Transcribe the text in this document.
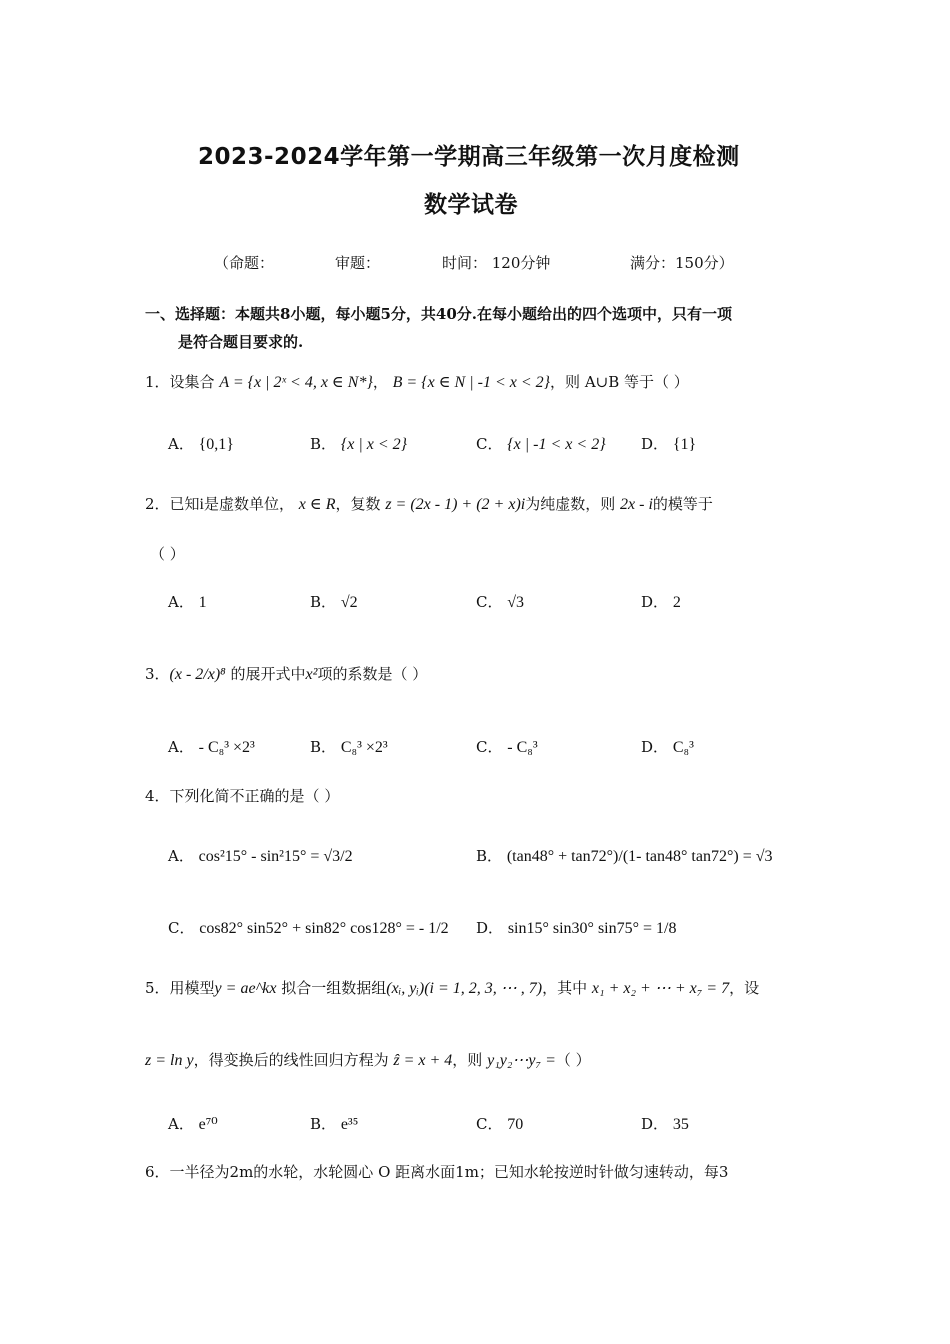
2023-2024学年第一学期高三年级第一次月度检测
数学试卷
（命题：	审题：	时间： 120分钟	满分：150分）
一、选择题：本题共8小题，每小题5分，共40分.在每小题给出的四个选项中，只有一项
是符合题目要求的.
1．设集合 A = {x | 2ˣ < 4, x ∈ N*}， B = {x ∈ N | -1 < x < 2}，则 A∪B 等于（ ）
A． {0,1}	B． {x | x < 2}	C． {x | -1 < x < 2} D． {1}
2．已知i是虚数单位， x ∈ R，复数 z = (2x - 1) + (2 + x)i为纯虚数，则 2x - i的模等于
（ ）
A． 1	B． √2	C． √3	D． 2
3．(x - 2/x)⁸ 的展开式中x²项的系数是（ ）
A． - C₈³ ×2³	B． C₈³ ×2³	C． - C₈³	D． C₈³
4．下列化简不正确的是（ ）
A． cos²15° - sin²15° = √3/2	B． (tan48° + tan72°)/(1- tan48° tan72°) = √3
C． cos82° sin52° + sin82° cos128° = - 1/2 D． sin15° sin30° sin75° = 1/8
5．用模型y = ae^kx 拟合一组数据组(xᵢ, yᵢ)(i = 1, 2, 3, ⋯ , 7)，其中 x₁ + x₂ + ⋯ + x₇ = 7，设
z = ln y，得变换后的线性回归方程为 ẑ = x + 4，则 y₁y₂⋯y₇ =（ ）
A． e⁷⁰	B． e³⁵	C． 70	D． 35
6．一半径为2m的水轮，水轮圆心 O 距离水面1m；已知水轮按逆时针做匀速转动，每3
